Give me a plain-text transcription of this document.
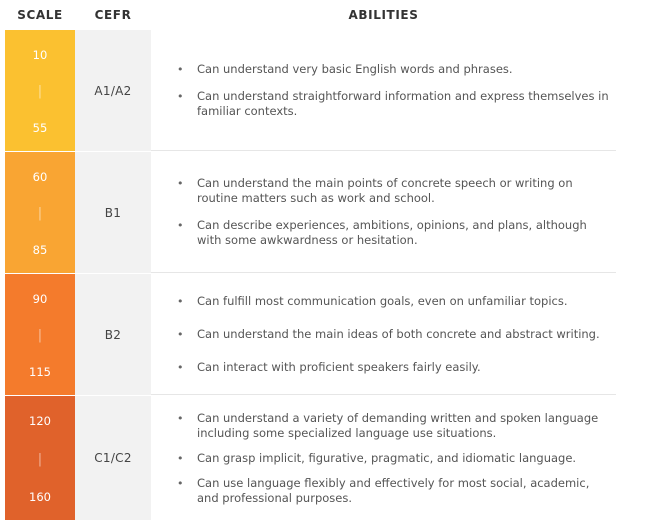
SCALE	CEFR	ABILITIES
10
|
55
A1/A2
• Can understand very basic English words and phrases.
• Can understand straightforward information and express themselves in familiar contexts.
60
|
85
B1
• Can understand the main points of concrete speech or writing on routine matters such as work and school.
• Can describe experiences, ambitions, opinions, and plans, although with some awkwardness or hesitation.
90
|
115
B2
• Can fulfill most communication goals, even on unfamiliar topics.
• Can understand the main ideas of both concrete and abstract writing.
• Can interact with proficient speakers fairly easily.
120
|
160
C1/C2
• Can understand a variety of demanding written and spoken language including some specialized language use situations.
• Can grasp implicit, figurative, pragmatic, and idiomatic language.
• Can use language flexibly and effectively for most social, academic, and professional purposes.
